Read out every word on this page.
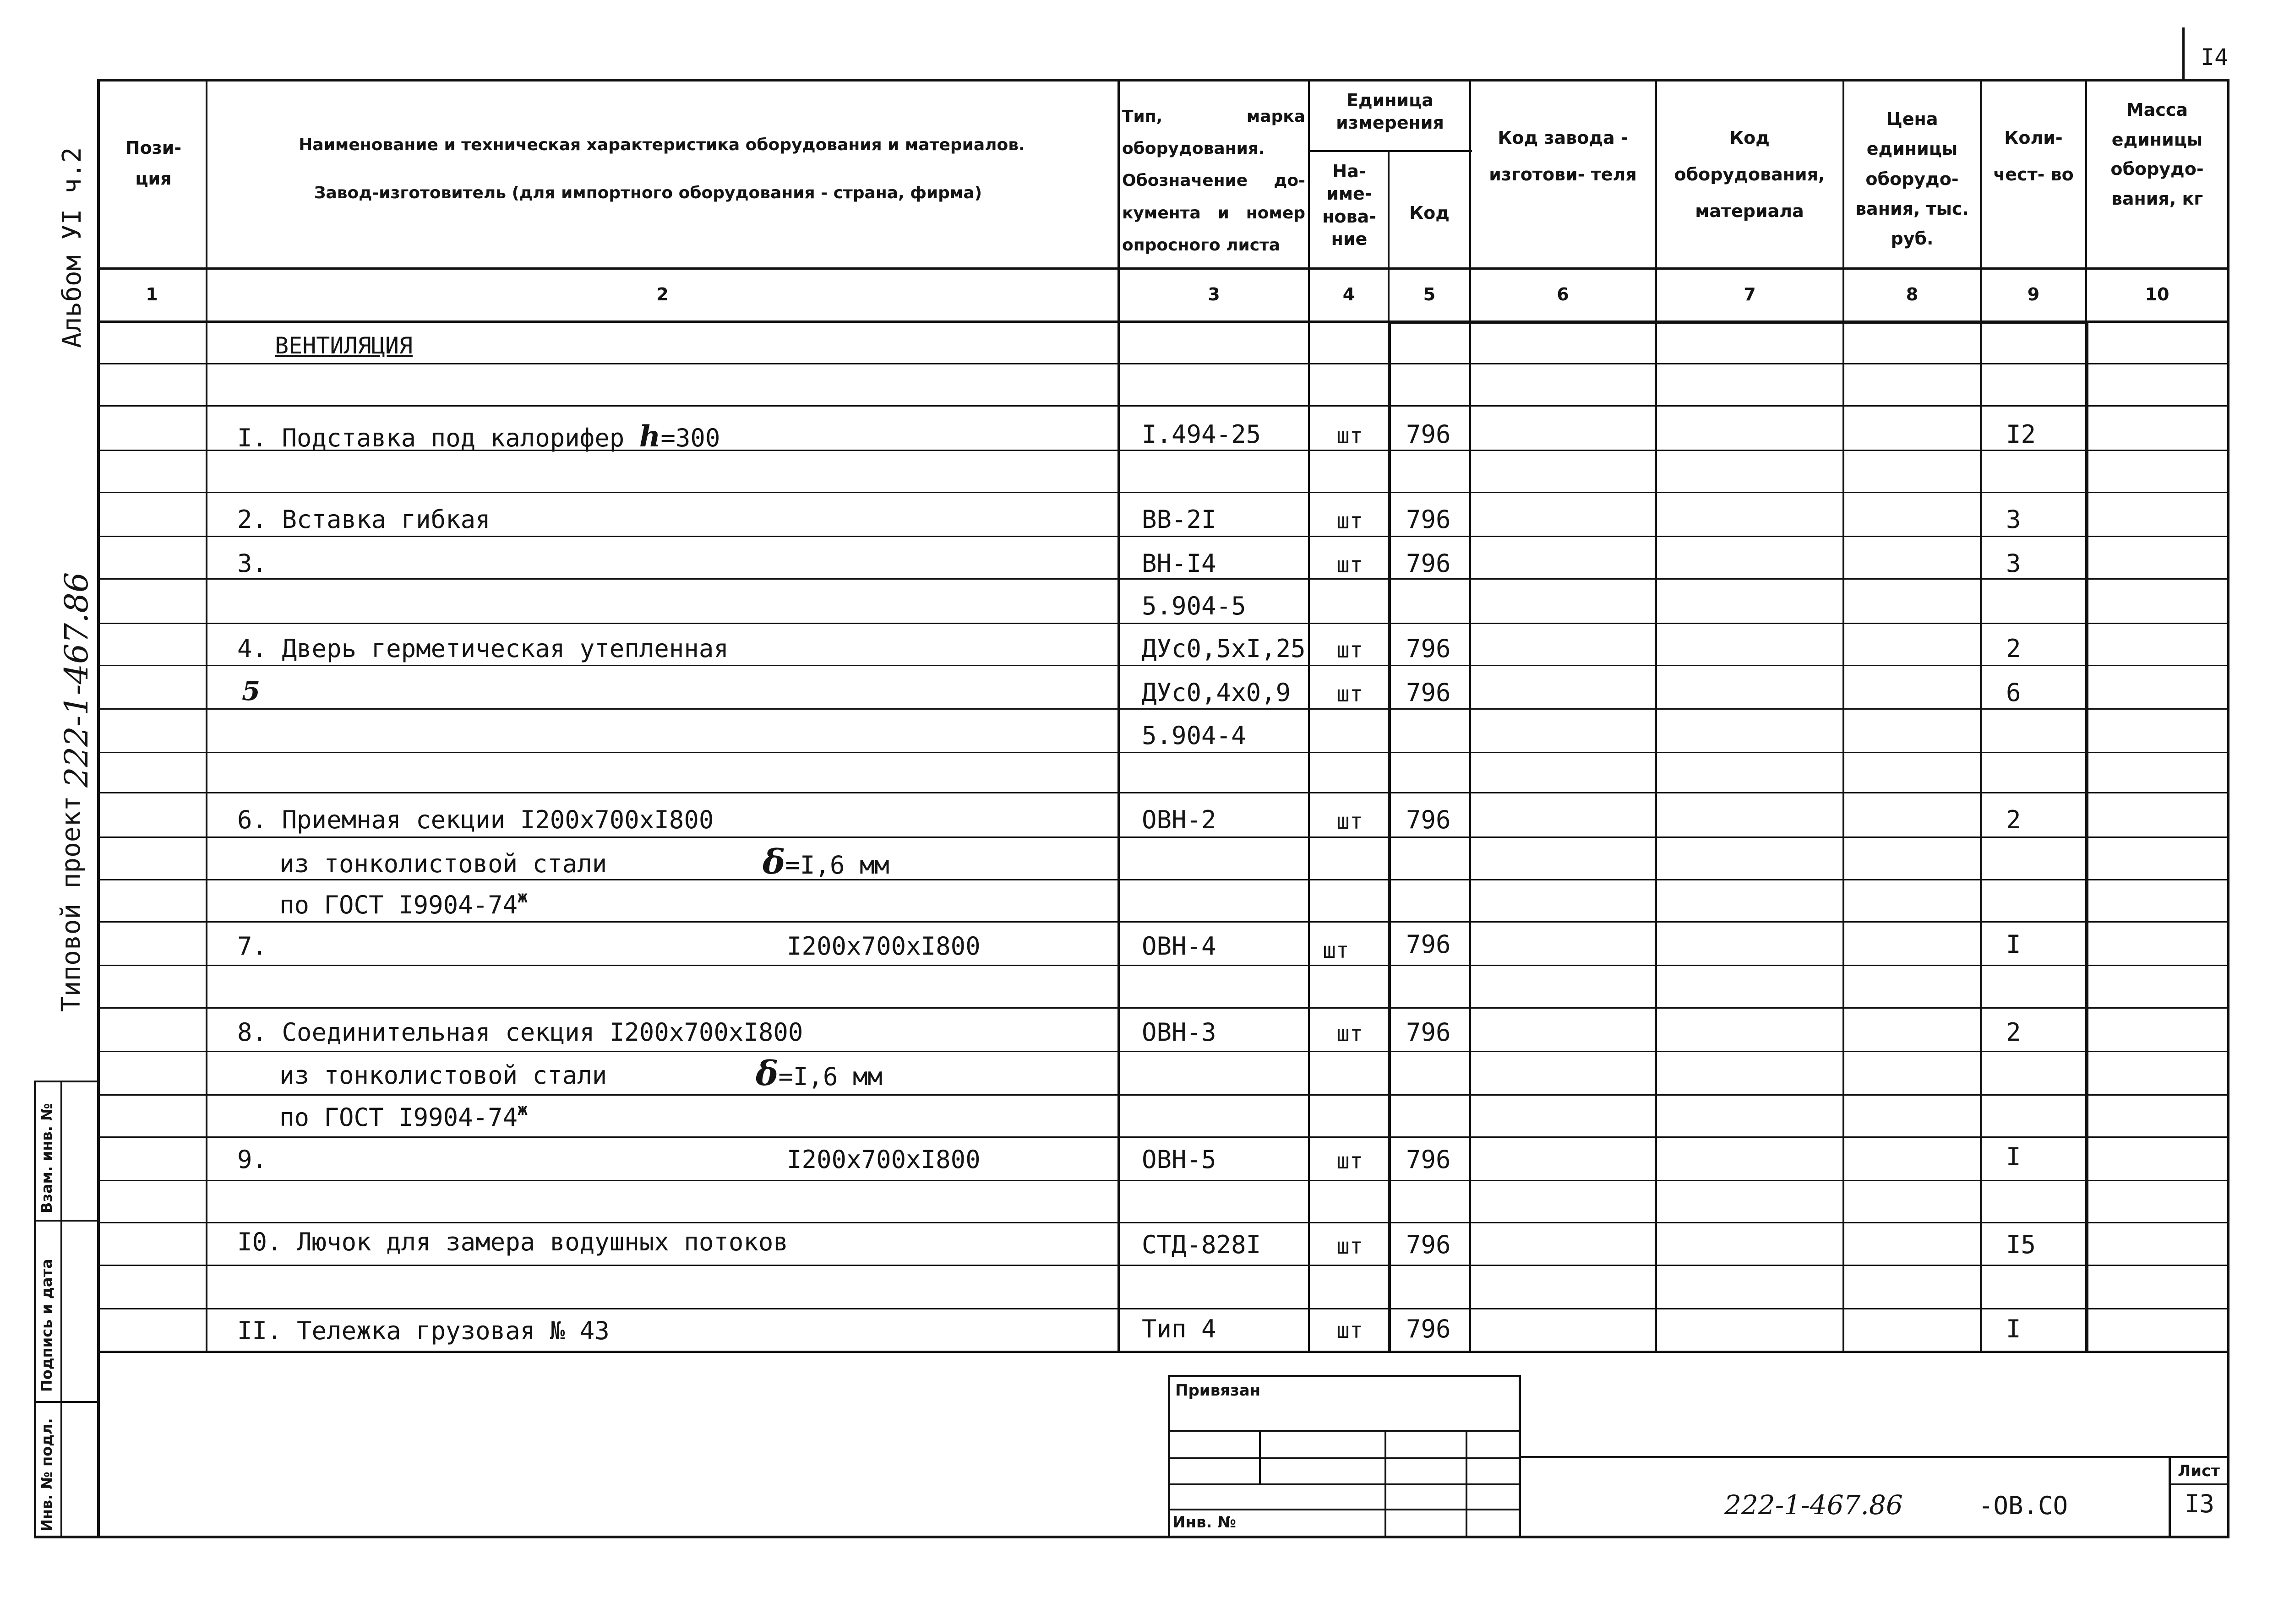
I4
Альбом УI ч.2
222-1-467.86
Типовой проект
Взам. инв. №
Подпись и дата
Инв. № подл.
Пози- ция
Наименование и техническая характеристика оборудования и материалов.
Завод-изготовитель (для импортного оборудования - страна, фирма)
Тип, марка оборудования. Обозначение до- кумента и номер опросного листа
Единица измерения
На- име- нова- ние
Код
Код завода - изготови- теля
Код оборудования, материала
Цена единицы оборудо- вания, тыс. руб.
Коли- чест- во
Масса единицы оборудо- вания, кг
1	2	3	4	5	6	7	8	9	10
ВЕНТИЛЯЦИЯ
I. Подставка под калорифер h=300	I.494-25	шт 796	I2
2. Вставка гибкая	ВВ-2I	шт 796	3
3.	ВН-I4	шт 796	3
5.904-5
4. Дверь герметическая утепленная	ДУс0,5хI,25 шт 796	2
5	ДУс0,4х0,9 шт 796	6
5.904-4
6. Приемная секции I200х700хI800	ОВН-2	шт 796	2
из тонколистовой стали	δ=I,6 мм
по ГОСТ $I9904-74^ж$
7.	I200х700хI800	ОВН-4	шт 796	I
8. Соединительная секция I200х700хI800	ОВН-3	шт 796	2
из тонколистовой стали	δ=I,6 мм
по ГОСТ $I9904-74^ж$
9.	I200х700хI800	ОВН-5	шт 796	I
I0. Лючок для замера водушных потоков	СТД-828I	шт 796	I5
II. Тележка грузовая № 43	Тип 4	шт 796	I
Привязан
Инв. №
222-1-467.86	-ОВ.СО
Лист
I3
